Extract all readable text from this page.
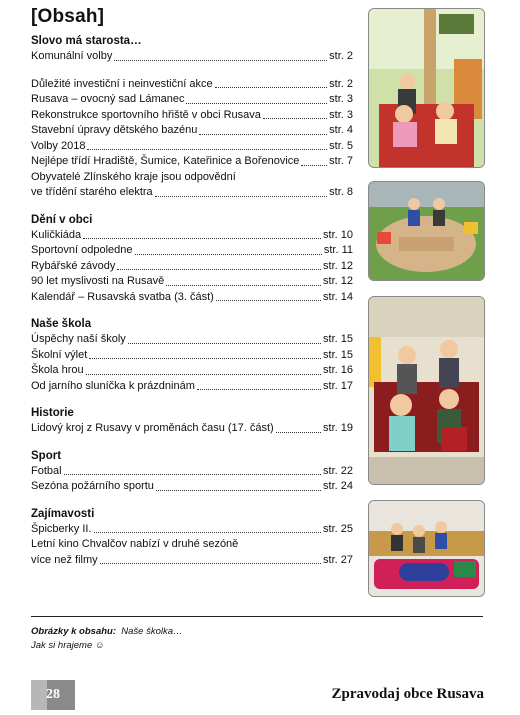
[Obsah]
Slovo má starosta…
Komunální volby	str. 2
Důležité investiční i neinvestiční akce	str. 2
Rusava – ovocný sad Lámanec	str. 3
Rekonstrukce sportovního hřiště v obci Rusava	str. 3
Stavební úpravy dětského bazénu	str. 4
Volby 2018	str. 5
Nejlépe třídí Hradiště, Šumice, Kateřinice a Bořenovice	str. 7
Obyvatelé Zlínského kraje jsou odpovědní
ve třídění starého elektra	str. 8
Dění v obci
Kuličkiáda	str. 10
Sportovní odpoledne	str. 11
Rybářské závody	str. 12
90 let myslivosti na Rusavě	str. 12
Kalendář – Rusavská svatba (3. část)	str. 14
Naše škola
Úspěchy naší školy	str. 15
Školní výlet	str. 15
Škola hrou	str. 16
Od jarního sluníčka k prázdninám	str. 17
Historie
Lidový kroj z Rusavy v proměnách času (17. část)	str. 19
Sport
Fotbal	str. 22
Sezóna požárního sportu	str. 24
Zajímavosti
Špicberky II.	str. 25
Letní kino Chvalčov nabízí v druhé sezóně
více než filmy	str. 27
Obrázky k obsahu: Naše školka…
Jak si hrajeme ☺
28	Zpravodaj obce Rusava
